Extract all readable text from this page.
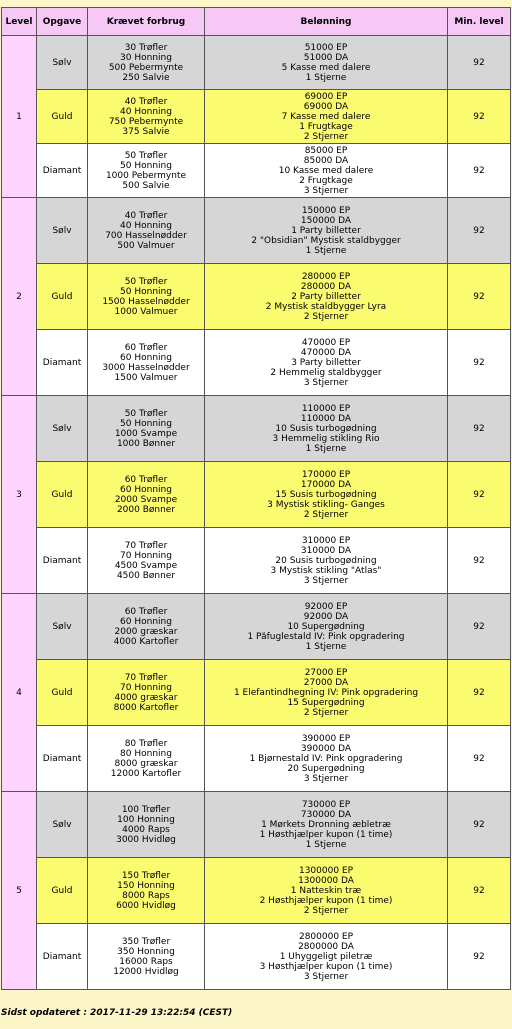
Level	Opgave	Krævet forbrug	Belønning	Min. level
1	Sølv	30 Trøfler
30 Honning
500 Pebermynte
250 Salvie	51000 EP
51000 DA
5 Kasse med dalere
1 Stjerne	92
	Guld	40 Trøfler
40 Honning
750 Pebermynte
375 Salvie	69000 EP
69000 DA
7 Kasse med dalere
1 Frugtkage
2 Stjerner	92
	Diamant	50 Trøfler
50 Honning
1000 Pebermynte
500 Salvie	85000 EP
85000 DA
10 Kasse med dalere
2 Frugtkage
3 Stjerner	92
2	Sølv	40 Trøfler
40 Honning
700 Hasselnødder
500 Valmuer	150000 EP
150000 DA
1 Party billetter
2 "Obsidian" Mystisk staldbygger
1 Stjerne	92
	Guld	50 Trøfler
50 Honning
1500 Hasselnødder
1000 Valmuer	280000 EP
280000 DA
2 Party billetter
2 Mystisk staldbygger Lyra
2 Stjerner	92
	Diamant	60 Trøfler
60 Honning
3000 Hasselnødder
1500 Valmuer	470000 EP
470000 DA
3 Party billetter
2 Hemmelig staldbygger
3 Stjerner	92
3	Sølv	50 Trøfler
50 Honning
1000 Svampe
1000 Bønner	110000 EP
110000 DA
10 Susis turbogødning
3 Hemmelig stikling Rio
1 Stjerne	92
	Guld	60 Trøfler
60 Honning
2000 Svampe
2000 Bønner	170000 EP
170000 DA
15 Susis turbogødning
3 Mystisk stikling- Ganges
2 Stjerner	92
	Diamant	70 Trøfler
70 Honning
4500 Svampe
4500 Bønner	310000 EP
310000 DA
20 Susis turbogødning
3 Mystisk stikling "Atlas"
3 Stjerner	92
4	Sølv	60 Trøfler
60 Honning
2000 græskar
4000 Kartofler	92000 EP
92000 DA
10 Supergødning
1 Påfuglestald IV: Pink opgradering
1 Stjerne	92
	Guld	70 Trøfler
70 Honning
4000 græskar
8000 Kartofler	27000 EP
27000 DA
1 Elefantindhegning IV: Pink opgradering
15 Supergødning
2 Stjerner	92
	Diamant	80 Trøfler
80 Honning
8000 græskar
12000 Kartofler	390000 EP
390000 DA
1 Bjørnestald IV: Pink opgradering
20 Supergødning
3 Stjerner	92
5	Sølv	100 Trøfler
100 Honning
4000 Raps
3000 Hvidløg	730000 EP
730000 DA
1 Mørkets Dronning æbletræ
1 Høsthjælper kupon (1 time)
1 Stjerne	92
	Guld	150 Trøfler
150 Honning
8000 Raps
6000 Hvidløg	1300000 EP
1300000 DA
1 Natteskin træ
2 Høsthjælper kupon (1 time)
2 Stjerner	92
	Diamant	350 Trøfler
350 Honning
16000 Raps
12000 Hvidløg	2800000 EP
2800000 DA
1 Uhyggeligt piletræ
3 Høsthjælper kupon (1 time)
3 Stjerner	92
Sidst opdateret : 2017-11-29 13:22:54 (CEST)
